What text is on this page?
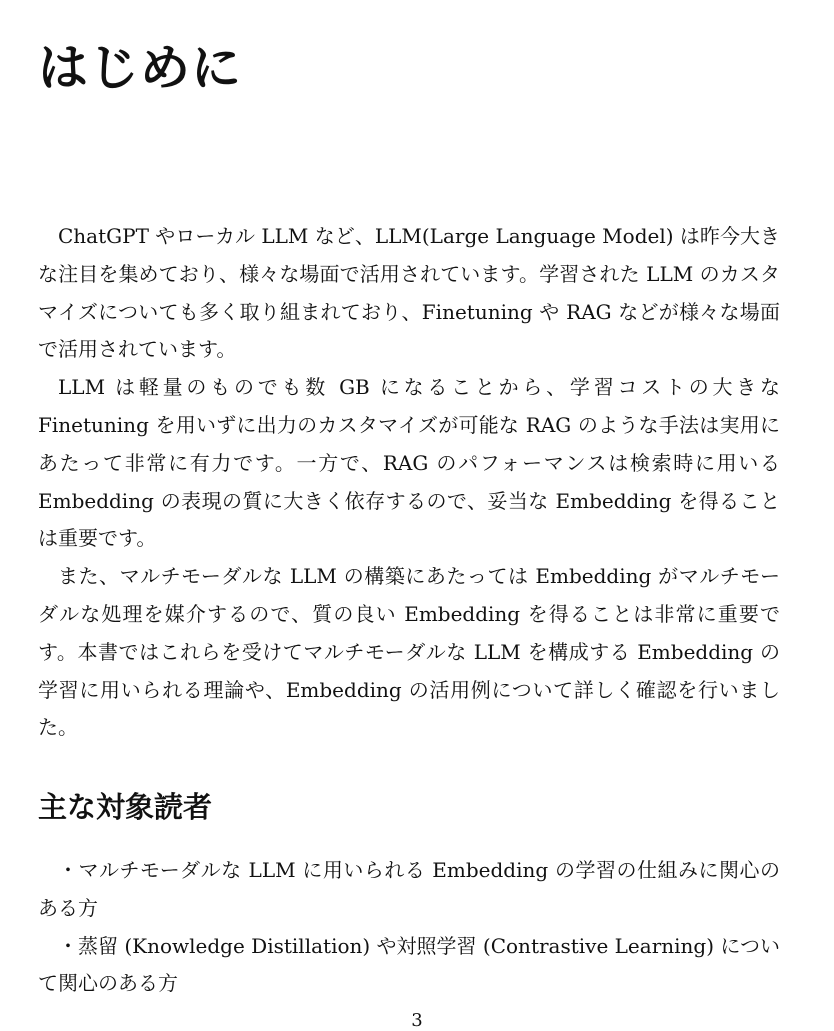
はじめに

ChatGPT やローカル LLM など、LLM(Large Language Model) は昨今大きな注目を集めており、様々な場面で活用されています。学習された LLM のカスタマイズについても多く取り組まれており、Finetuning や RAG などが様々な場面で活用されています。

LLM は軽量のものでも数 GB になることから、学習コストの大きな Finetuning を用いずに出力のカスタマイズが可能な RAG のような手法は実用にあたって非常に有力です。一方で、RAG のパフォーマンスは検索時に用いる Embedding の表現の質に大きく依存するので、妥当な Embedding を得ることは重要です。

また、マルチモーダルな LLM の構築にあたっては Embedding がマルチモーダルな処理を媒介するので、質の良い Embedding を得ることは非常に重要です。本書ではこれらを受けてマルチモーダルな LLM を構成する Embedding の学習に用いられる理論や、Embedding の活用例について詳しく確認を行いました。

主な対象読者
・マルチモーダルな LLM に用いられる Embedding の学習の仕組みに関心のある方
・蒸留 (Knowledge Distillation) や対照学習 (Contrastive Learning) について関心のある方
3
